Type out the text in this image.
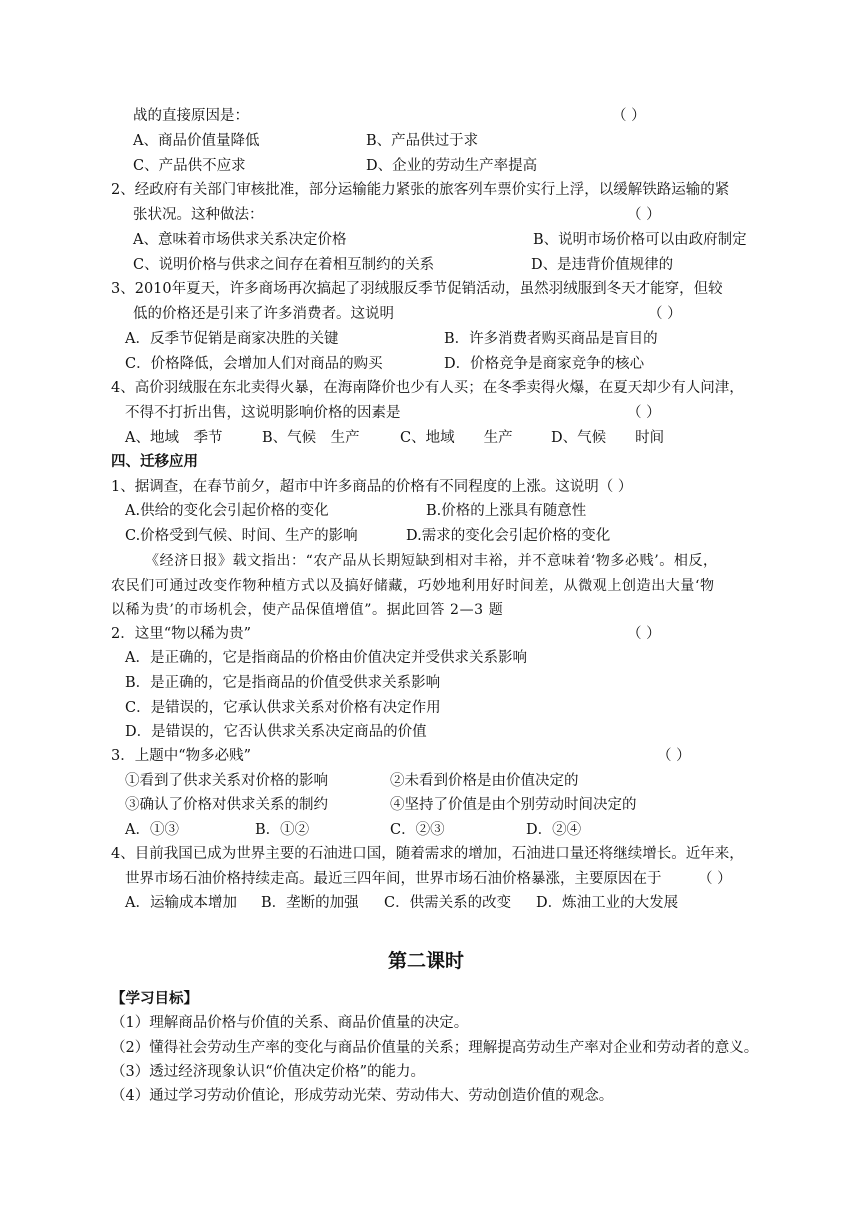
战的直接原因是：	（ ）
A、商品价值量降低	B、产品供过于求
C、产品供不应求	D、企业的劳动生产率提高
2、经政府有关部门审核批准，部分运输能力紧张的旅客列车票价实行上浮，以缓解铁路运输的紧
张状况。这种做法：	（ ）
A、意味着市场供求关系决定价格	B、说明市场价格可以由政府制定
C、说明价格与供求之间存在着相互制约的关系	D、是违背价值规律的
3、2010年夏天，许多商场再次搞起了羽绒服反季节促销活动，虽然羽绒服到冬天才能穿，但较
低的价格还是引来了许多消费者。这说明	（ ）
A．反季节促销是商家决胜的关键	B．许多消费者购买商品是盲目的
C．价格降低，会增加人们对商品的购买	D．价格竞争是商家竞争的核心
4、高价羽绒服在东北卖得火暴，在海南降价也少有人买；在冬季卖得火爆，在夏天却少有人问津，
不得不打折出售，这说明影响价格的因素是	（ ）
A、地域　季节	B、气候　生产	C、地域　　生产	D、气候　　时间
四、迁移应用
1、据调查，在春节前夕，超市中许多商品的价格有不同程度的上涨。这说明（ ）
A.供给的变化会引起价格的变化	B.价格的上涨具有随意性
C.价格受到气候、时间、生产的影响	D.需求的变化会引起价格的变化
《经济日报》载文指出：“农产品从长期短缺到相对丰裕，并不意味着‘物多必贱’。相反，
农民们可通过改变作物种植方式以及搞好储藏，巧妙地利用好时间差，从微观上创造出大量‘物
以稀为贵’的市场机会，使产品保值增值”。据此回答 2—3 题
2．这里“物以稀为贵”	（ ）
A．是正确的，它是指商品的价格由价值决定并受供求关系影响
B．是正确的，它是指商品的价值受供求关系影响
C．是错误的，它承认供求关系对价格有决定作用
D．是错误的，它否认供求关系决定商品的价值
3．上题中“物多必贱”	（ ）
①看到了供求关系对价格的影响	②未看到价格是由价值决定的
③确认了价格对供求关系的制约	④坚持了价值是由个别劳动时间决定的
A．①③	B．①②	C．②③	D．②④
4、目前我国已成为世界主要的石油进口国，随着需求的增加，石油进口量还将继续增长。近年来，
世界市场石油价格持续走高。最近三四年间，世界市场石油价格暴涨，主要原因在于	（ ）
A．运输成本增加 B．垄断的加强 C．供需关系的改变 D．炼油工业的大发展
第二课时
【学习目标】
（1）理解商品价格与价值的关系、商品价值量的决定。
（2）懂得社会劳动生产率的变化与商品价值量的关系；理解提高劳动生产率对企业和劳动者的意义。
（3）透过经济现象认识“价值决定价格”的能力。
（4）通过学习劳动价值论，形成劳动光荣、劳动伟大、劳动创造价值的观念。
